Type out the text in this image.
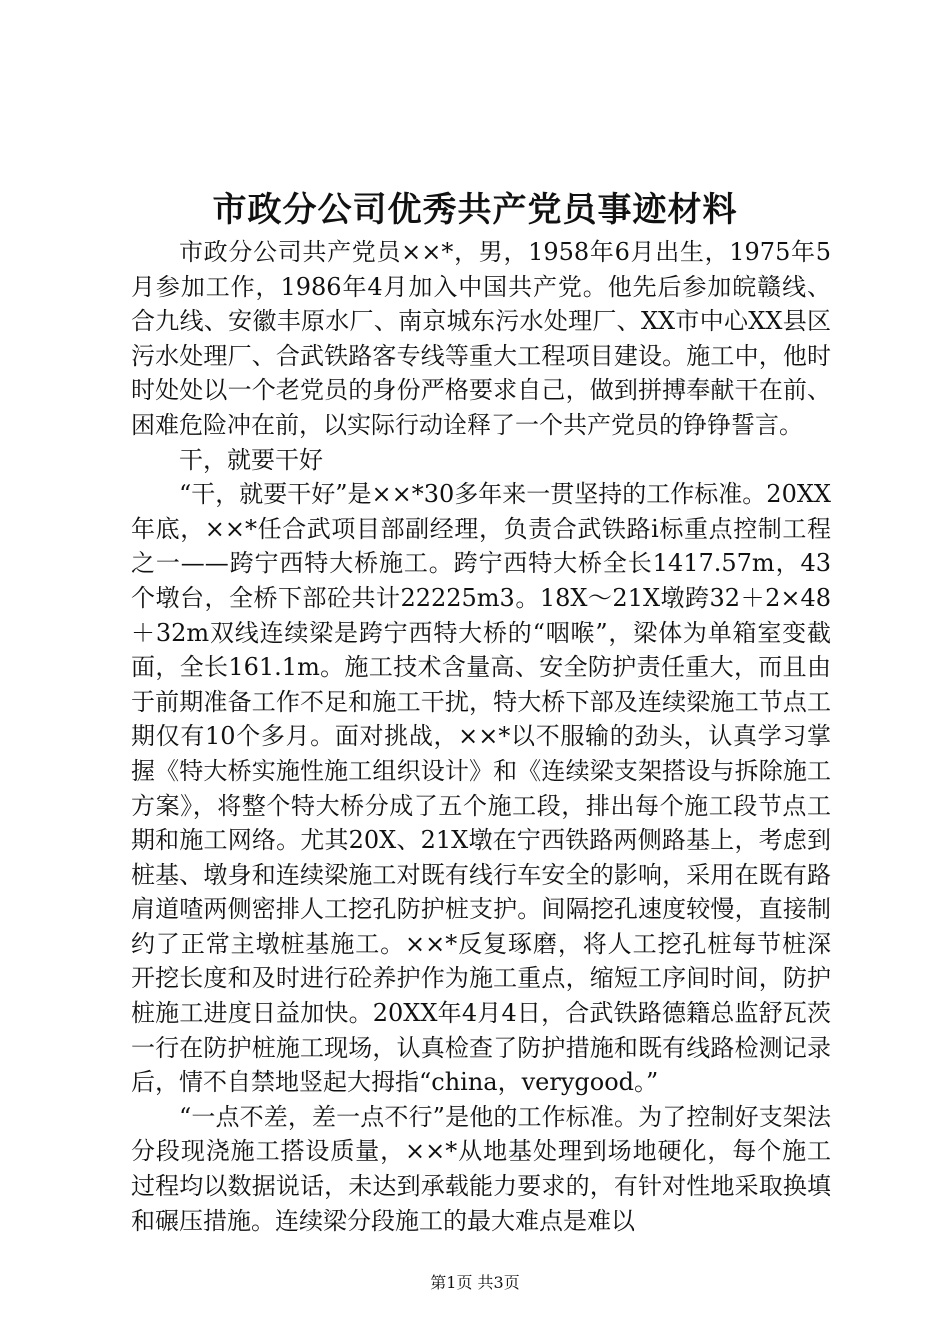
市政分公司优秀共产党员事迹材料

市政分公司共产党员××*，男，1958年6月出生，1975年5月参加工作，1986年4月加入中国共产党。他先后参加皖赣线、合九线、安徽丰原水厂、南京城东污水处理厂、XX市中心XX县区污水处理厂、合武铁路客专线等重大工程项目建设。施工中，他时时处处以一个老党员的身份严格要求自己，做到拼搏奉献干在前、困难危险冲在前，以实际行动诠释了一个共产党员的铮铮誓言。

干，就要干好

“干，就要干好”是××*30多年来一贯坚持的工作标准。20XX年底，××*任合武项目部副经理，负责合武铁路ⅰ标重点控制工程之一——跨宁西特大桥施工。跨宁西特大桥全长1417.57m，43个墩台，全桥下部砼共计22225m3。18X～21X墩跨32＋2×48＋32m双线连续梁是跨宁西特大桥的“咽喉”，梁体为单箱室变截面，全长161.1m。施工技术含量高、安全防护责任重大，而且由于前期准备工作不足和施工干扰，特大桥下部及连续梁施工节点工期仅有10个多月。面对挑战，××*以不服输的劲头，认真学习掌握《特大桥实施性施工组织设计》和《连续梁支架搭设与拆除施工方案》，将整个特大桥分成了五个施工段，排出每个施工段节点工期和施工网络。尤其20X、21X墩在宁西铁路两侧路基上，考虑到桩基、墩身和连续梁施工对既有线行车安全的影响，采用在既有路肩道喳两侧密排人工挖孔防护桩支护。间隔挖孔速度较慢，直接制约了正常主墩桩基施工。××*反复琢磨，将人工挖孔桩每节桩深开挖长度和及时进行砼养护作为施工重点，缩短工序间时间，防护桩施工进度日益加快。20XX年4月4日，合武铁路德籍总监舒瓦茨一行在防护桩施工现场，认真检查了防护措施和既有线路检测记录后，情不自禁地竖起大拇指“china，verygood。”

“一点不差，差一点不行”是他的工作标准。为了控制好支架法分段现浇施工搭设质量，××*从地基处理到场地硬化，每个施工过程均以数据说话，未达到承载能力要求的，有针对性地采取换填和碾压措施。连续梁分段施工的最大难点是难以

第1页 共3页
